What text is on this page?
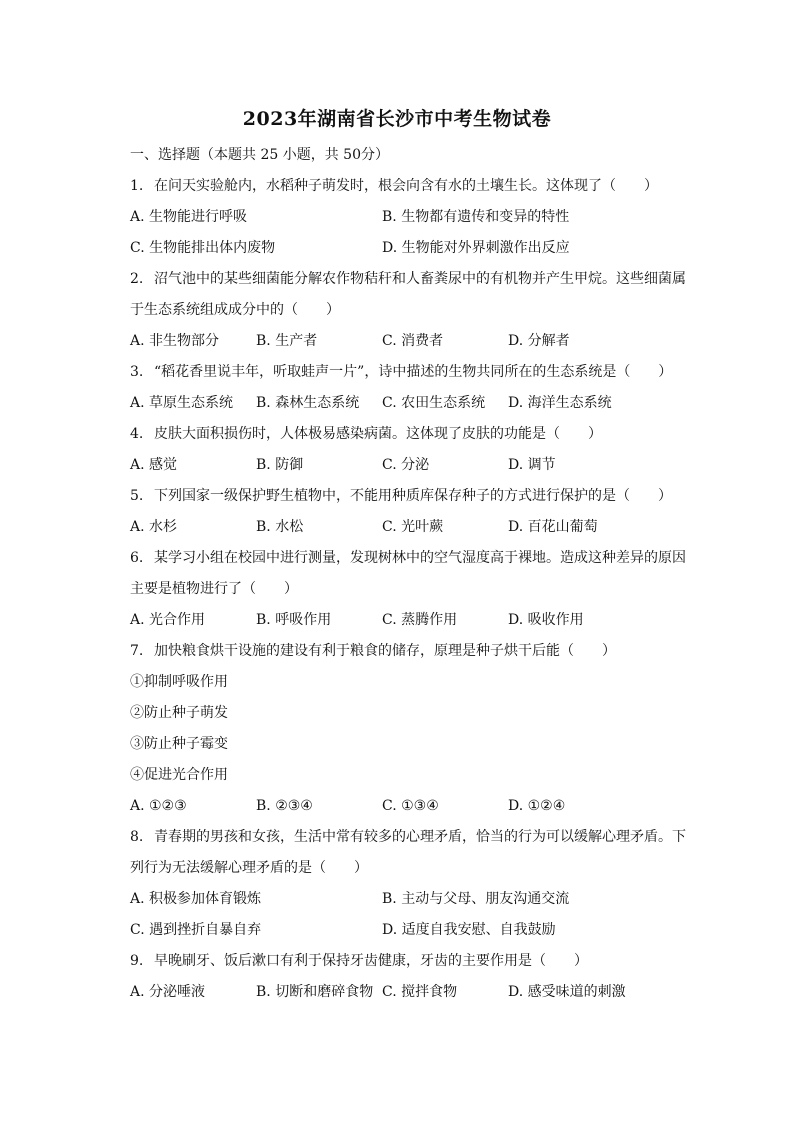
2023年湖南省长沙市中考生物试卷
一、选择题（本题共 25 小题，共 50分）
1. 在问天实验舱内，水稻种子萌发时，根会向含有水的土壤生长。这体现了（　　）
A. 生物能进行呼吸	B. 生物都有遗传和变异的特性
C. 生物能排出体内废物	D. 生物能对外界刺激作出反应
2. 沼气池中的某些细菌能分解农作物秸秆和人畜粪尿中的有机物并产生甲烷。这些细菌属
于生态系统组成成分中的（　　）
A. 非生物部分	B. 生产者	C. 消费者	D. 分解者
3. “稻花香里说丰年，听取蛙声一片”，诗中描述的生物共同所在的生态系统是（　　）
A. 草原生态系统	B. 森林生态系统	C. 农田生态系统	D. 海洋生态系统
4. 皮肤大面积损伤时，人体极易感染病菌。这体现了皮肤的功能是（　　）
A. 感觉	B. 防御	C. 分泌	D. 调节
5. 下列国家一级保护野生植物中，不能用种质库保存种子的方式进行保护的是（　　）
A. 水杉	B. 水松	C. 光叶蕨	D. 百花山葡萄
6. 某学习小组在校园中进行测量，发现树林中的空气湿度高于裸地。造成这种差异的原因
主要是植物进行了（　　）
A. 光合作用	B. 呼吸作用	C. 蒸腾作用	D. 吸收作用
7. 加快粮食烘干设施的建设有利于粮食的储存，原理是种子烘干后能（　　）
①抑制呼吸作用
②防止种子萌发
③防止种子霉变
④促进光合作用
A. ①②③	B. ②③④	C. ①③④	D. ①②④
8. 青春期的男孩和女孩，生活中常有较多的心理矛盾，恰当的行为可以缓解心理矛盾。下
列行为无法缓解心理矛盾的是（　　）
A. 积极参加体育锻炼	B. 主动与父母、朋友沟通交流
C. 遇到挫折自暴自弃	D. 适度自我安慰、自我鼓励
9. 早晚刷牙、饭后漱口有利于保持牙齿健康，牙齿的主要作用是（　　）
A. 分泌唾液	B. 切断和磨碎食物 C. 搅拌食物	D. 感受味道的刺激
